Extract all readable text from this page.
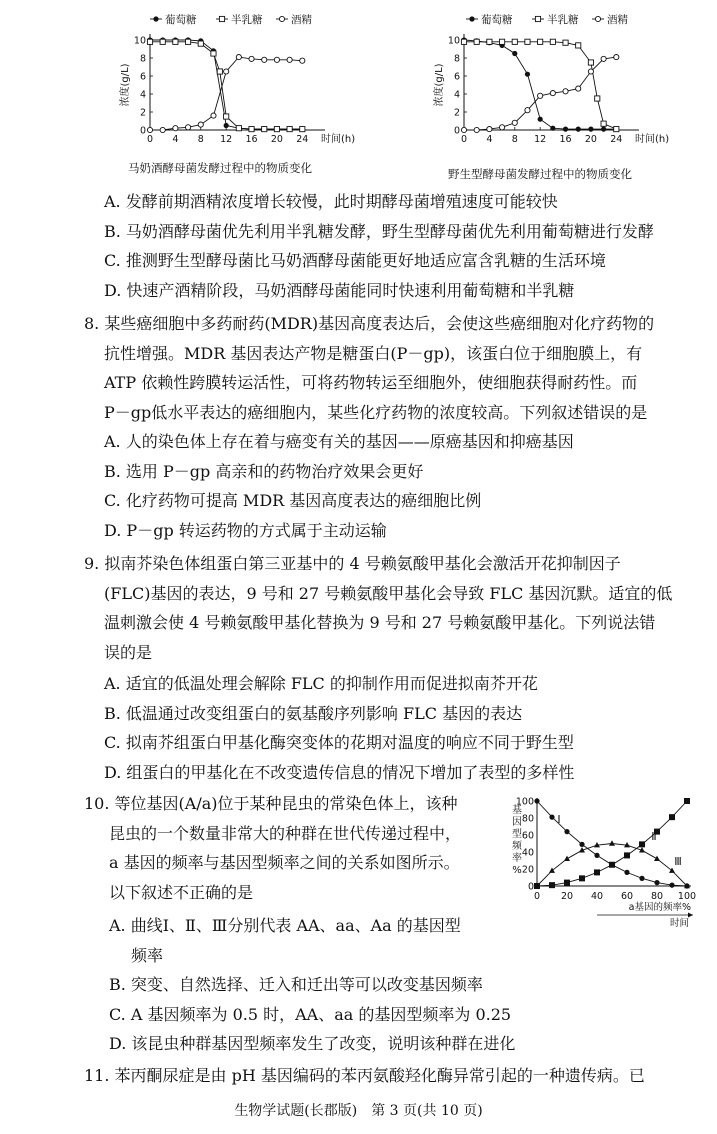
葡萄糖	半乳糖	酒精
10
8
6
4
2
0
0 4 8 12 16 20 24 时间(h)
浓度(g/L)
马奶酒酵母菌发酵过程中的物质变化
葡萄糖	半乳糖	酒精
10
8
6
4
2
0
0 4 8 12 16 20 24 时间(h)
浓度(g/L)
野生型酵母菌发酵过程中的物质变化
A. 发酵前期酒精浓度增长较慢，此时期酵母菌增殖速度可能较快
B. 马奶酒酵母菌优先利用半乳糖发酵，野生型酵母菌优先利用葡萄糖进行发酵
C. 推测野生型酵母菌比马奶酒酵母菌能更好地适应富含乳糖的生活环境
D. 快速产酒精阶段，马奶酒酵母菌能同时快速利用葡萄糖和半乳糖
8. 某些癌细胞中多药耐药(MDR)基因高度表达后，会使这些癌细胞对化疗药物的
抗性增强。MDR 基因表达产物是糖蛋白(P－gp)，该蛋白位于细胞膜上，有
ATP 依赖性跨膜转运活性，可将药物转运至细胞外，使细胞获得耐药性。而
P－gp低水平表达的癌细胞内，某些化疗药物的浓度较高。下列叙述错误的是
A. 人的染色体上存在着与癌变有关的基因——原癌基因和抑癌基因
B. 选用 P－gp 高亲和的药物治疗效果会更好
C. 化疗药物可提高 MDR 基因高度表达的癌细胞比例
D. P－gp 转运药物的方式属于主动运输
9. 拟南芥染色体组蛋白第三亚基中的 4 号赖氨酸甲基化会激活开花抑制因子
(FLC)基因的表达，9 号和 27 号赖氨酸甲基化会导致 FLC 基因沉默。适宜的低
温刺激会使 4 号赖氨酸甲基化替换为 9 号和 27 号赖氨酸甲基化。下列说法错
误的是
A. 适宜的低温处理会解除 FLC 的抑制作用而促进拟南芥开花
B. 低温通过改变组蛋白的氨基酸序列影响 FLC 基因的表达
C. 拟南芥组蛋白甲基化酶突变体的花期对温度的响应不同于野生型
D. 组蛋白的甲基化在不改变遗传信息的情况下增加了表型的多样性
10. 等位基因(A/a)位于某种昆虫的常染色体上，该种
昆虫的一个数量非常大的种群在世代传递过程中，
a 基因的频率与基因型频率之间的关系如图所示。
以下叙述不正确的是
A. 曲线Ⅰ、Ⅱ、Ⅲ分别代表 AA、aa、Aa 的基因型
频率
B. 突变、自然选择、迁入和迁出等可以改变基因频率
C. A 基因频率为 0.5 时，AA、aa 的基因型频率为 0.25
D. 该昆虫种群基因型频率发生了改变，说明该种群在进化
100
80
60
40
20
0
0 20 40 60 80 100
a基因的频率%
时间
基
因
型
频
率
%
Ⅰ
Ⅱ
Ⅲ
11. 苯丙酮尿症是由 pH 基因编码的苯丙氨酸羟化酶异常引起的一种遗传病。已
生物学试题(长郡版)　第 3 页(共 10 页)
